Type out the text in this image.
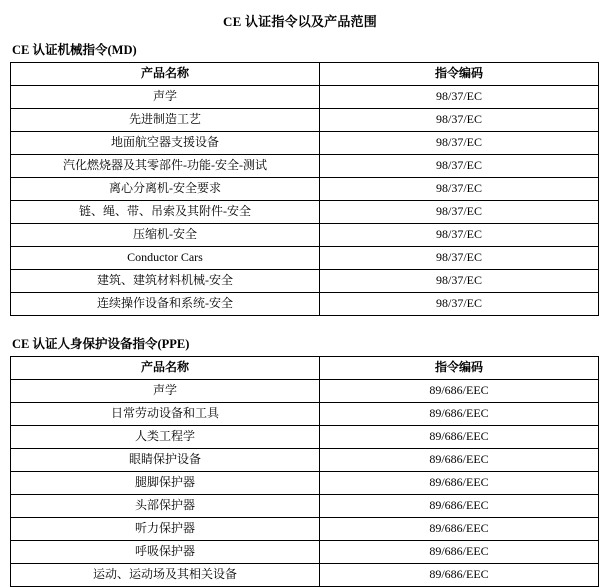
CE 认证指令以及产品范围
CE 认证机械指令(MD)
产品名称	指令编码
声学	98/37/EC
先进制造工艺	98/37/EC
地面航空器支援设备	98/37/EC
汽化燃烧器及其零部件-功能-安全-测试	98/37/EC
离心分离机-安全要求	98/37/EC
链、绳、带、吊索及其附件-安全	98/37/EC
压缩机-安全	98/37/EC
Conductor Cars	98/37/EC
建筑、建筑材料机械-安全	98/37/EC
连续操作设备和系统-安全	98/37/EC
CE 认证人身保护设备指令(PPE)
产品名称	指令编码
声学	89/686/EEC
日常劳动设备和工具	89/686/EEC
人类工程学	89/686/EEC
眼睛保护设备	89/686/EEC
腿脚保护器	89/686/EEC
头部保护器	89/686/EEC
听力保护器	89/686/EEC
呼吸保护器	89/686/EEC
运动、运动场及其相关设备	89/686/EEC
